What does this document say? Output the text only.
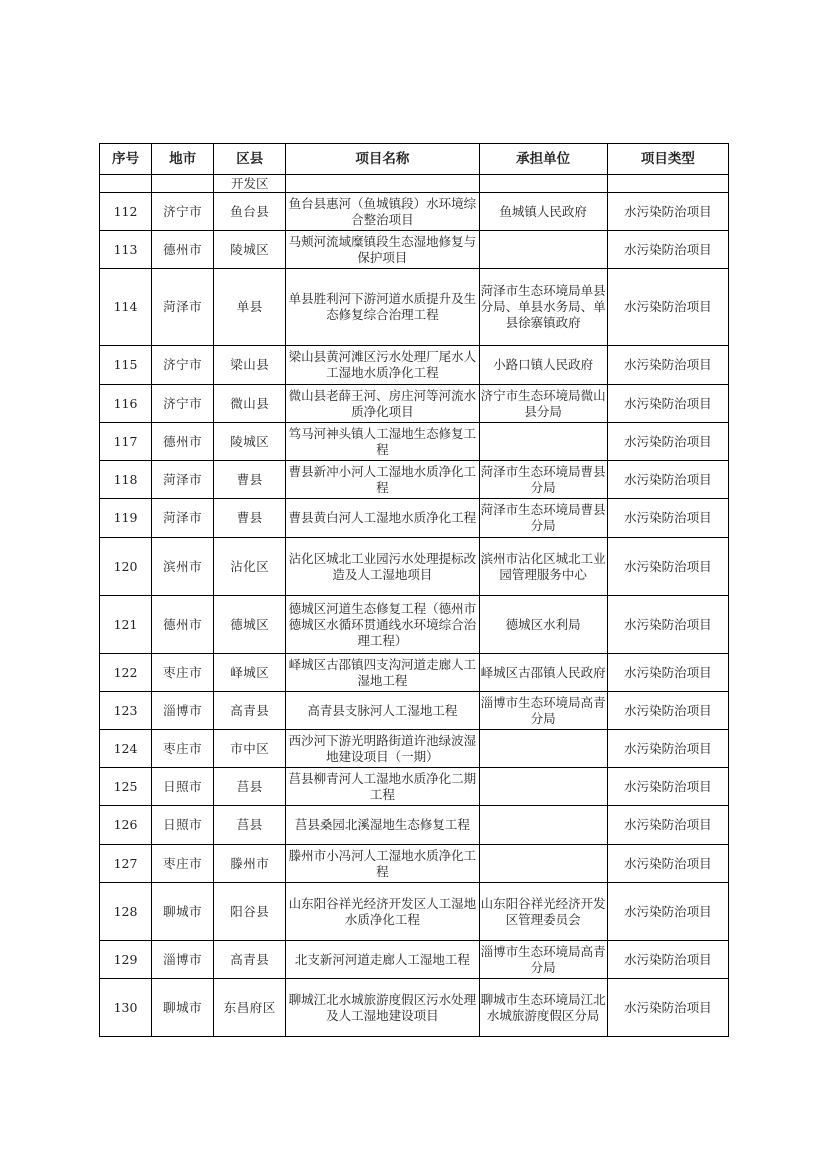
序号	地市	区县	项目名称	承担单位	项目类型
		开发区			
112	济宁市	鱼台县	鱼台县惠河（鱼城镇段）水环境综合整治项目	鱼城镇人民政府	水污染防治项目
113	德州市	陵城区	马颊河流域糜镇段生态湿地修复与保护项目		水污染防治项目
114	菏泽市	单县	单县胜利河下游河道水质提升及生态修复综合治理工程	菏泽市生态环境局单县分局、单县水务局、单县徐寨镇政府	水污染防治项目
115	济宁市	梁山县	梁山县黄河滩区污水处理厂尾水人工湿地水质净化工程	小路口镇人民政府	水污染防治项目
116	济宁市	微山县	微山县老薛王河、房庄河等河流水质净化项目	济宁市生态环境局微山县分局	水污染防治项目
117	德州市	陵城区	笃马河神头镇人工湿地生态修复工程		水污染防治项目
118	菏泽市	曹县	曹县新冲小河人工湿地水质净化工程	菏泽市生态环境局曹县分局	水污染防治项目
119	菏泽市	曹县	曹县黄白河人工湿地水质净化工程	菏泽市生态环境局曹县分局	水污染防治项目
120	滨州市	沾化区	沾化区城北工业园污水处理提标改造及人工湿地项目	滨州市沾化区城北工业园管理服务中心	水污染防治项目
121	德州市	德城区	德城区河道生态修复工程（德州市德城区水循环贯通线水环境综合治理工程）	德城区水利局	水污染防治项目
122	枣庄市	峄城区	峄城区古邵镇四支沟河道走廊人工湿地工程	峄城区古邵镇人民政府	水污染防治项目
123	淄博市	高青县	高青县支脉河人工湿地工程	淄博市生态环境局高青分局	水污染防治项目
124	枣庄市	市中区	西沙河下游光明路街道许池绿波湿地建设项目（一期）		水污染防治项目
125	日照市	莒县	莒县柳青河人工湿地水质净化二期工程		水污染防治项目
126	日照市	莒县	莒县桑园北溪湿地生态修复工程		水污染防治项目
127	枣庄市	滕州市	滕州市小冯河人工湿地水质净化工程		水污染防治项目
128	聊城市	阳谷县	山东阳谷祥光经济开发区人工湿地水质净化工程	山东阳谷祥光经济开发区管理委员会	水污染防治项目
129	淄博市	高青县	北支新河河道走廊人工湿地工程	淄博市生态环境局高青分局	水污染防治项目
130	聊城市	东昌府区	聊城江北水城旅游度假区污水处理及人工湿地建设项目	聊城市生态环境局江北水城旅游度假区分局	水污染防治项目
